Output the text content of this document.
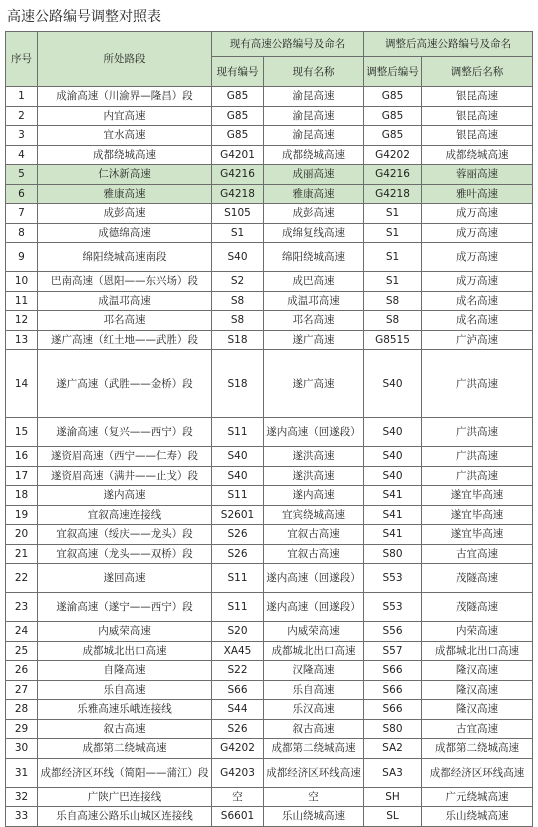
高速公路编号调整对照表
序号	所处路段	现有高速公路编号及命名		调整后高速公路编号及命名	
		现有编号	现有名称	调整后编号	调整后名称
1	成渝高速（川渝界—隆昌）段	G85	渝昆高速	G85	银昆高速
2	内宜高速	G85	渝昆高速	G85	银昆高速
3	宜水高速	G85	渝昆高速	G85	银昆高速
4	成都绕城高速	G4201	成都绕城高速	G4202	成都绕城高速
5	仁沐新高速	G4216	成丽高速	G4216	蓉丽高速
6	雅康高速	G4218	雅康高速	G4218	雅叶高速
7	成彭高速	S105	成彭高速	S1	成万高速
8	成德绵高速	S1	成绵复线高速	S1	成万高速
9	绵阳绕城高速南段	S40	绵阳绕城高速	S1	成万高速
10	巴南高速（恩阳——东兴场）段	S2	成巴高速	S1	成万高速
11	成温邛高速	S8	成温邛高速	S8	成名高速
12	邛名高速	S8	邛名高速	S8	成名高速
13	遂广高速（红土地——武胜）段	S18	遂广高速	G8515	广泸高速
14	遂广高速（武胜——金桥）段	S18	遂广高速	S40	广洪高速
15	遂渝高速（复兴——西宁）段	S11	遂内高速（回遂段）	S40	广洪高速
16	遂资眉高速（西宁——仁寿）段	S40	遂洪高速	S40	广洪高速
17	遂资眉高速（满井——止戈）段	S40	遂洪高速	S40	广洪高速
18	遂内高速	S11	遂内高速	S41	遂宜毕高速
19	宜叙高速连接线	S2601	宜宾绕城高速	S41	遂宜毕高速
20	宜叙高速（绥庆——龙头）段	S26	宜叙古高速	S41	遂宜毕高速
21	宜叙高速（龙头——双桥）段	S26	宜叙古高速	S80	古宜高速
22	遂回高速	S11	遂内高速（回遂段）	S53	茂隧高速
23	遂渝高速（遂宁——西宁）段	S11	遂内高速（回遂段）	S53	茂隧高速
24	内威荣高速	S20	内威荣高速	S56	内荣高速
25	成都城北出口高速	XA45	成都城北出口高速	S57	成都城北出口高速
26	自隆高速	S22	汉隆高速	S66	隆汉高速
27	乐自高速	S66	乐自高速	S66	隆汉高速
28	乐雅高速乐峨连接线	S44	乐汉高速	S66	隆汉高速
29	叙古高速	S26	叙古高速	S80	古宜高速
30	成都第二绕城高速	G4202	成都第二绕城高速	SA2	成都第二绕城高速
31	成都经济区环线（简阳——蒲江）段	G4203	成都经济区环线高速	SA3	成都经济区环线高速
32	广陕广巴连接线	空	空	SH	广元绕城高速
33	乐自高速公路乐山城区连接线	S6601	乐山绕城高速	SL	乐山绕城高速
